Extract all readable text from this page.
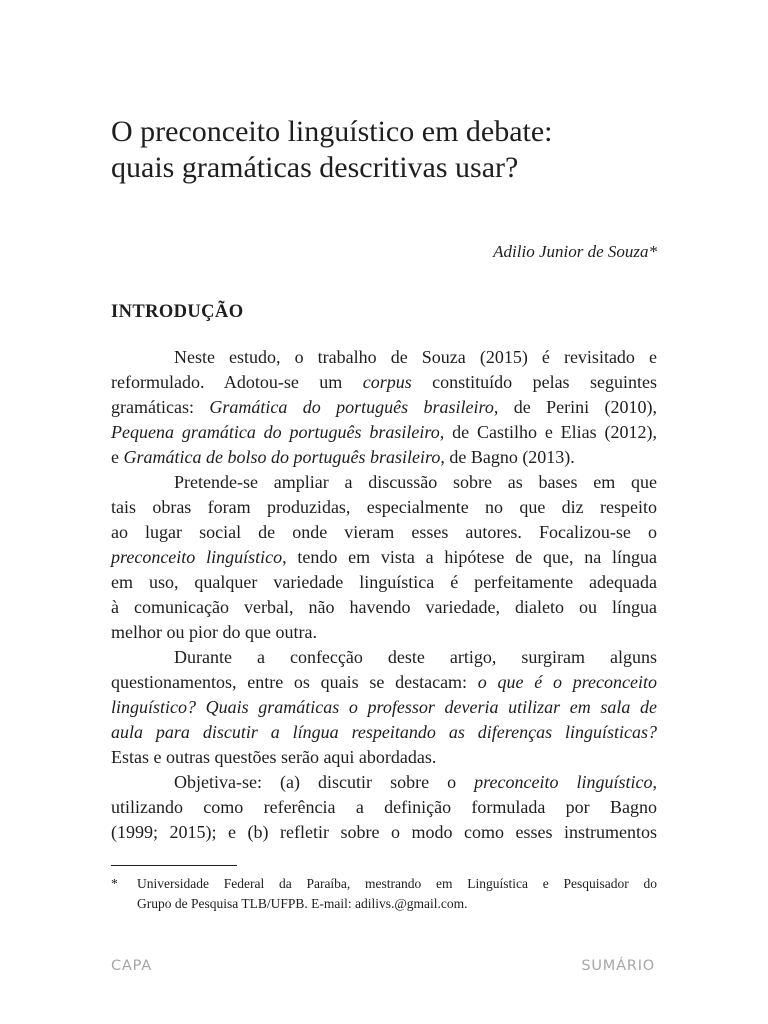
O preconceito linguístico em debate:
quais gramáticas descritivas usar?
Adilio Junior de Souza*
INTRODUÇÃO
Neste estudo, o trabalho de Souza (2015) é revisitado e
reformulado. Adotou-se um corpus constituído pelas seguintes
gramáticas: Gramática do português brasileiro, de Perini (2010),
Pequena gramática do português brasileiro, de Castilho e Elias (2012),
e Gramática de bolso do português brasileiro, de Bagno (2013).
Pretende-se ampliar a discussão sobre as bases em que
tais obras foram produzidas, especialmente no que diz respeito
ao lugar social de onde vieram esses autores. Focalizou-se o
preconceito linguístico, tendo em vista a hipótese de que, na língua
em uso, qualquer variedade linguística é perfeitamente adequada
à comunicação verbal, não havendo variedade, dialeto ou língua
melhor ou pior do que outra.
Durante a confecção deste artigo, surgiram alguns
questionamentos, entre os quais se destacam: o que é o preconceito
linguístico? Quais gramáticas o professor deveria utilizar em sala de
aula para discutir a língua respeitando as diferenças linguísticas?
Estas e outras questões serão aqui abordadas.
Objetiva-se: (a) discutir sobre o preconceito linguístico,
utilizando como referência a definição formulada por Bagno
(1999; 2015); e (b) refletir sobre o modo como esses instrumentos
* Universidade Federal da Paraíba, mestrando em Linguística e Pesquisador do
Grupo de Pesquisa TLB/UFPB. E-mail: adilivs.@gmail.com.
CAPA	SUMÁRIO
